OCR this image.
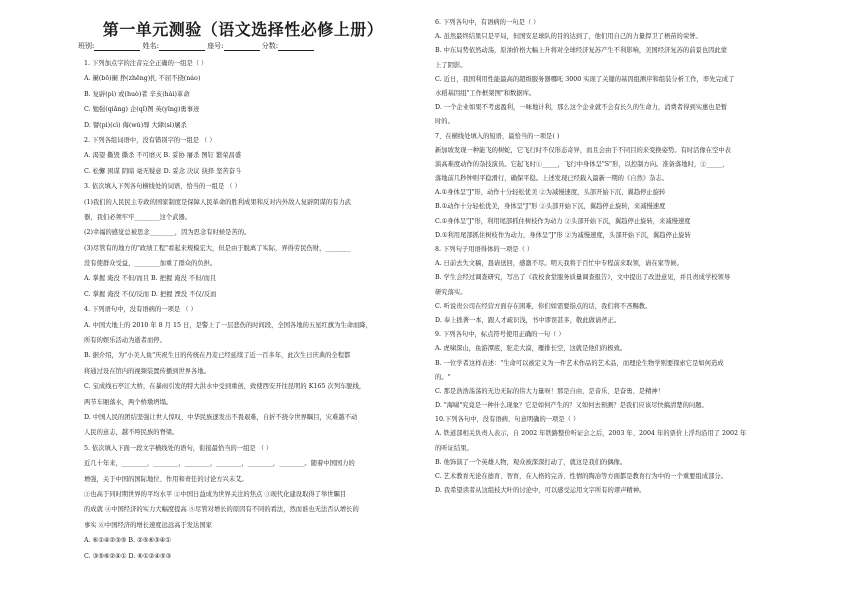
第一单元测验（语文选择性必修上册）
班别:	姓名:	座号:	分数:
1. 下列加点字的注音完全正确的一组是（ ）
A. 阑(bō)阑 挣(zhēng)扎 不屈不挠(náo)
B. 复辟(pì) 或(huò)者 辛亥(hài)革命
C. 勉强(qiǎng) 企(qǐ)图 英(yīng)勇事迹
D. 譬(pì)(cì) 侮(wǔ)辱 大肆(sì)屠杀
2. 下列各组词语中，没有错别字的一组是 （ ）
A. 渴望 撕毁 撕杀 不可磨灭 B. 妥协 屠杀 图钉 繁荣昌盛
C. 松懈 困谋 阴暗 毫无疑意 D. 妥念 决议 抉择 坚苦奋斗
3. 依次填入下列各句横线处的词语，恰当的一组是 （ ）
(1)我们的人民民主专政的国家制度是保障人民革命的胜利成果和反对内外敌人复辟阴谋的有力武
器，我们必须牢牢________这个武器。
(2)幸福的感觉总被思念________，因为思念有时候是苦的。
(3)尽管有的地方的"政绩工程"看起来规模宏大，但是由于脱离了实际，弄得劳民伤财，________
没有使群众受益，________加重了群众的负担。
A. 掌握 淹没 不但/而且 B. 把握 淹没 不但/而且
C. 掌握 淹没 不仅/反而 D. 把握 湮没 不仅/反而
4. 下列语句中，没有语病的一项是 （ ）
A. 中国大地上的 2010 年 8 月 15 日，是警上了一层悲伤的时间段，全国各地的五星红旗为生命而降，
所有的娱乐活动为逝者而停。
B. 据介绍，为"小美人鱼"庆祝生日的传统在丹麦已经延续了近一百多年，此次生日庆典的全程都
将通过设在馆内的视频装置传播到世界各地。
C. 宝成线石亭江大桥，在暴雨引发的特大洪水中受到重创，致使西安开往昆明的 K165 次列车脱线，
两节车厢落水，两个桥墩坍塌。
D. 中国人民的团结坚强让世人惊叹，中华民族逐发出不畏艰难，自折不挠令世界瞩目，灾难越不动
人民的意志，越不垮民族的脊梁。
5. 依次填入下面一段文字横线处的语句，衔接最恰当的一组是 （ ）
近几十年来，________，________，________，________，________，________。随着中国国力的
增强，关于中国的国际地位、作用和责任的讨论方兴未艾。
①也高于同时期世界的平均水平 ②中国日益成为世界关注的焦点 ③现代化建设取得了举世瞩目
的成就 ④中国经济的实力大幅度提高 ⑤尽管对增长的原因有不同的看法，然而谁也无法否认增长的
事实 ⑥中国经济的增长速度远远高于发达国家
A. ⑥①④②③⑤ B. ②⑤⑥③④①
C. ③⑤⑥②④① D. ⑥①②④⑤③
6. 下列各句中，有语病的一句是（ ）
A. 虽然最终结果只是平局，但国安足球队的目的达到了，他们用自己的力量捍卫了梧苗的荣誉。
B. 中东局势依然动荡，原油价格大幅上升将对全球经济复苏产生不利影响，美国经济复苏的前景也因此蒙
上了阴影。
C. 近日，我国利用性能最高的超级服务器哪吒 3000 实现了关键的基因组测序和组装分析工作，率先完成了
水稻基因组"工作框架图"和数据库。
D. 一个企业如果不考虑盈利，一味地计利，那么这个企业就不会有长久的生命力，消费者得到实惠也是暂
时的。
7、在横线处填入的短语，最恰当的一项是( )
新加坡发现一种能飞的树蛇，它飞行时不仅形态奇异，而且会由于不同目的来变换姿势。有时活像在空中表
演高难度动作的杂技演员。它起飞时①_____，飞行中身体呈"S"形，以控制方向。准备落地时，②_____，
落地前几秒钟则平稳滑行，确保平稳。上述发现已经载入最新一期的《自然》杂志。
A.①身体呈"J"形，动作十分轻松优美 ②为减慢速度，头部开始下沉，翼趋停止旋转
B.①动作十分轻松优美，身体呈"J"形 ②头部开始下沉，翼趋停止旋转，来减慢速度
C.①身体呈"J"形，利用尾部抓住树枝作为动力 ②头部开始下沉，翼趋停止旋转，来减慢速度
D.①利用尾部抓住树枝作为动力，身体呈"J"形 ②为减慢速度，头部开始下沉，翼趋停止旋转
8. 下列句子用语得体的一项是（ ）
A. 日前去失文稿，恳请送回，感激不尽。明天我将于百忙中专程前来取领，请在家等候。
B. 学生会经过调查研究，写出了《我校食堂服务质量调查报告》，文中提出了改进意见，并且责成学校领导
研究落实。
C. 听说贵公司在经营方面存在困难，你们如需要指点的话，我们将不吝赐教。
D. 奉上拙著一本，跟人才疏识浅，书中谬误甚多，敬此做请斧正。
9. 下列各句中，标点符号使用正确的一句（ ）
A. 虎啸深山，鱼游潭底，驼走大漠，雁排长空，这就是他们的极致。
B. 一位学者这样表述："生命可以被定义为一件艺术作品的艺术品，而理论生物学则要探索它是如何造成
的。"
C. 那是浩浩荡荡的无边无际的伟大力量呀！那是自由、是音乐、是奋勇、是精神！
D. "海啸"究竟是一种什么现象？它是如何产生的？又如何去预测？是我们应该尽快搞清楚的问题。
10.下列各句中，没有语病、句意明确的一项是（ ）
A. 铁道部相关负责人表示，自 2002 年铁路整价听证会之后，2003 年、2004 年的票价上浮均沿用了 2002 年
的听证结果。
B. 他饰演了一个英雄人物，观众被深深打动了，就这是我们的偶像。
C. 艺术教育无论在德育、智育，在人格的完善、性情的陶冶等方面都是教育行为中的一个重要组成部分。
D. 我希望读者从这组枝大叶的讨论中，可以感受运用文字所有的谬声精神。
